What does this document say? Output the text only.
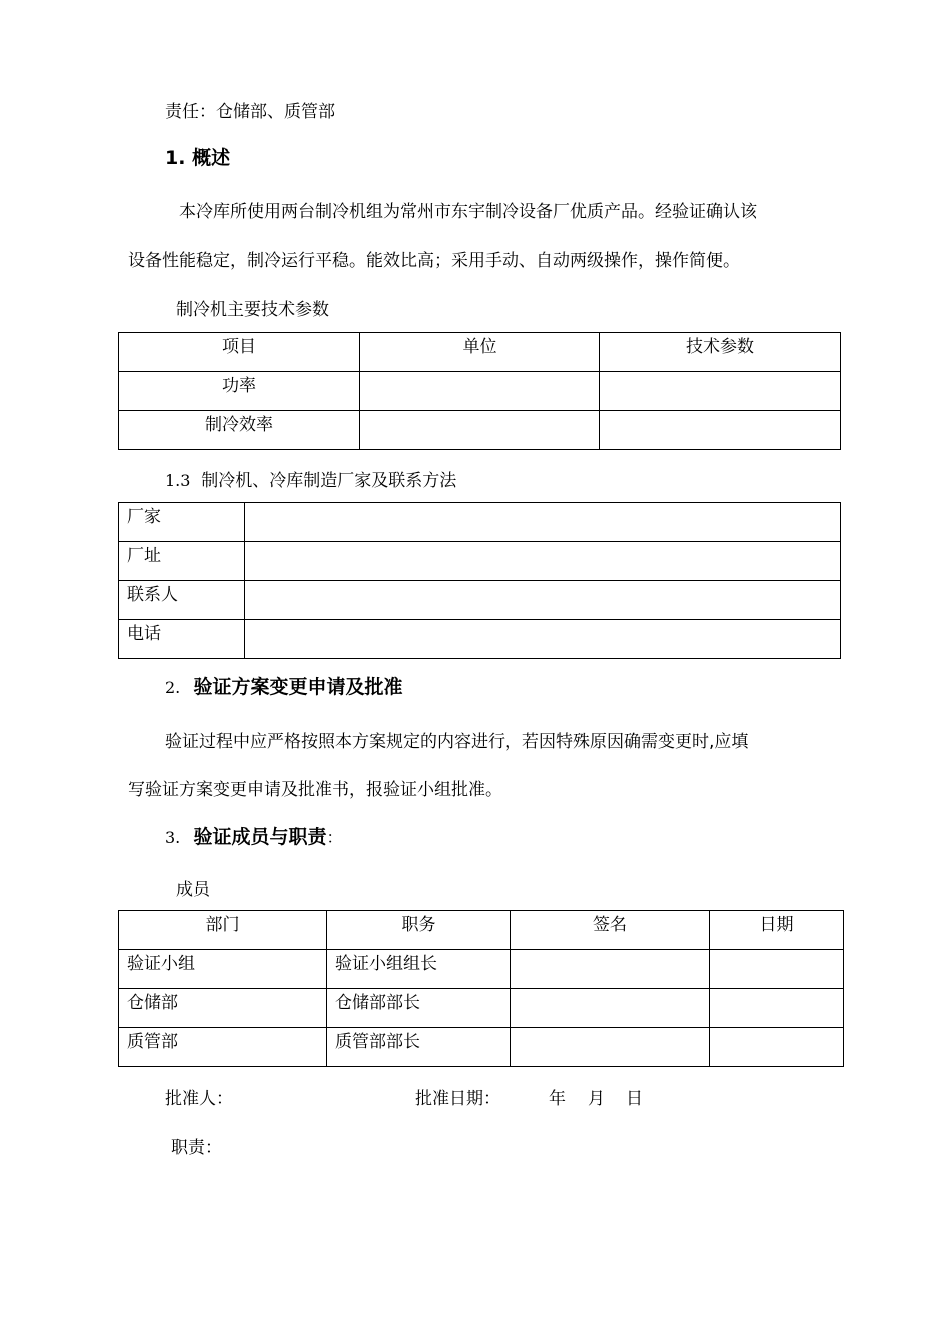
责任：仓储部、质管部
1. 概述
本冷库所使用两台制冷机组为常州市东宇制冷设备厂优质产品。经验证确认该
设备性能稳定，制冷运行平稳。能效比高；采用手动、自动两级操作，操作简便。
制冷机主要技术参数
项目	单位	技术参数
功率		
制冷效率		
1.3 制冷机、冷库制造厂家及联系方法
厂家	
厂址	
联系人	
电话	
2. 验证方案变更申请及批准
验证过程中应严格按照本方案规定的内容进行，若因特殊原因确需变更时,应填
写验证方案变更申请及批准书，报验证小组批准。
3. 验证成员与职责：
成员
部门	职务	签名	日期
验证小组	验证小组组长		
仓储部	仓储部部长		
质管部	质管部部长		
批准人：	批准日期：	年 月 日
职责：
